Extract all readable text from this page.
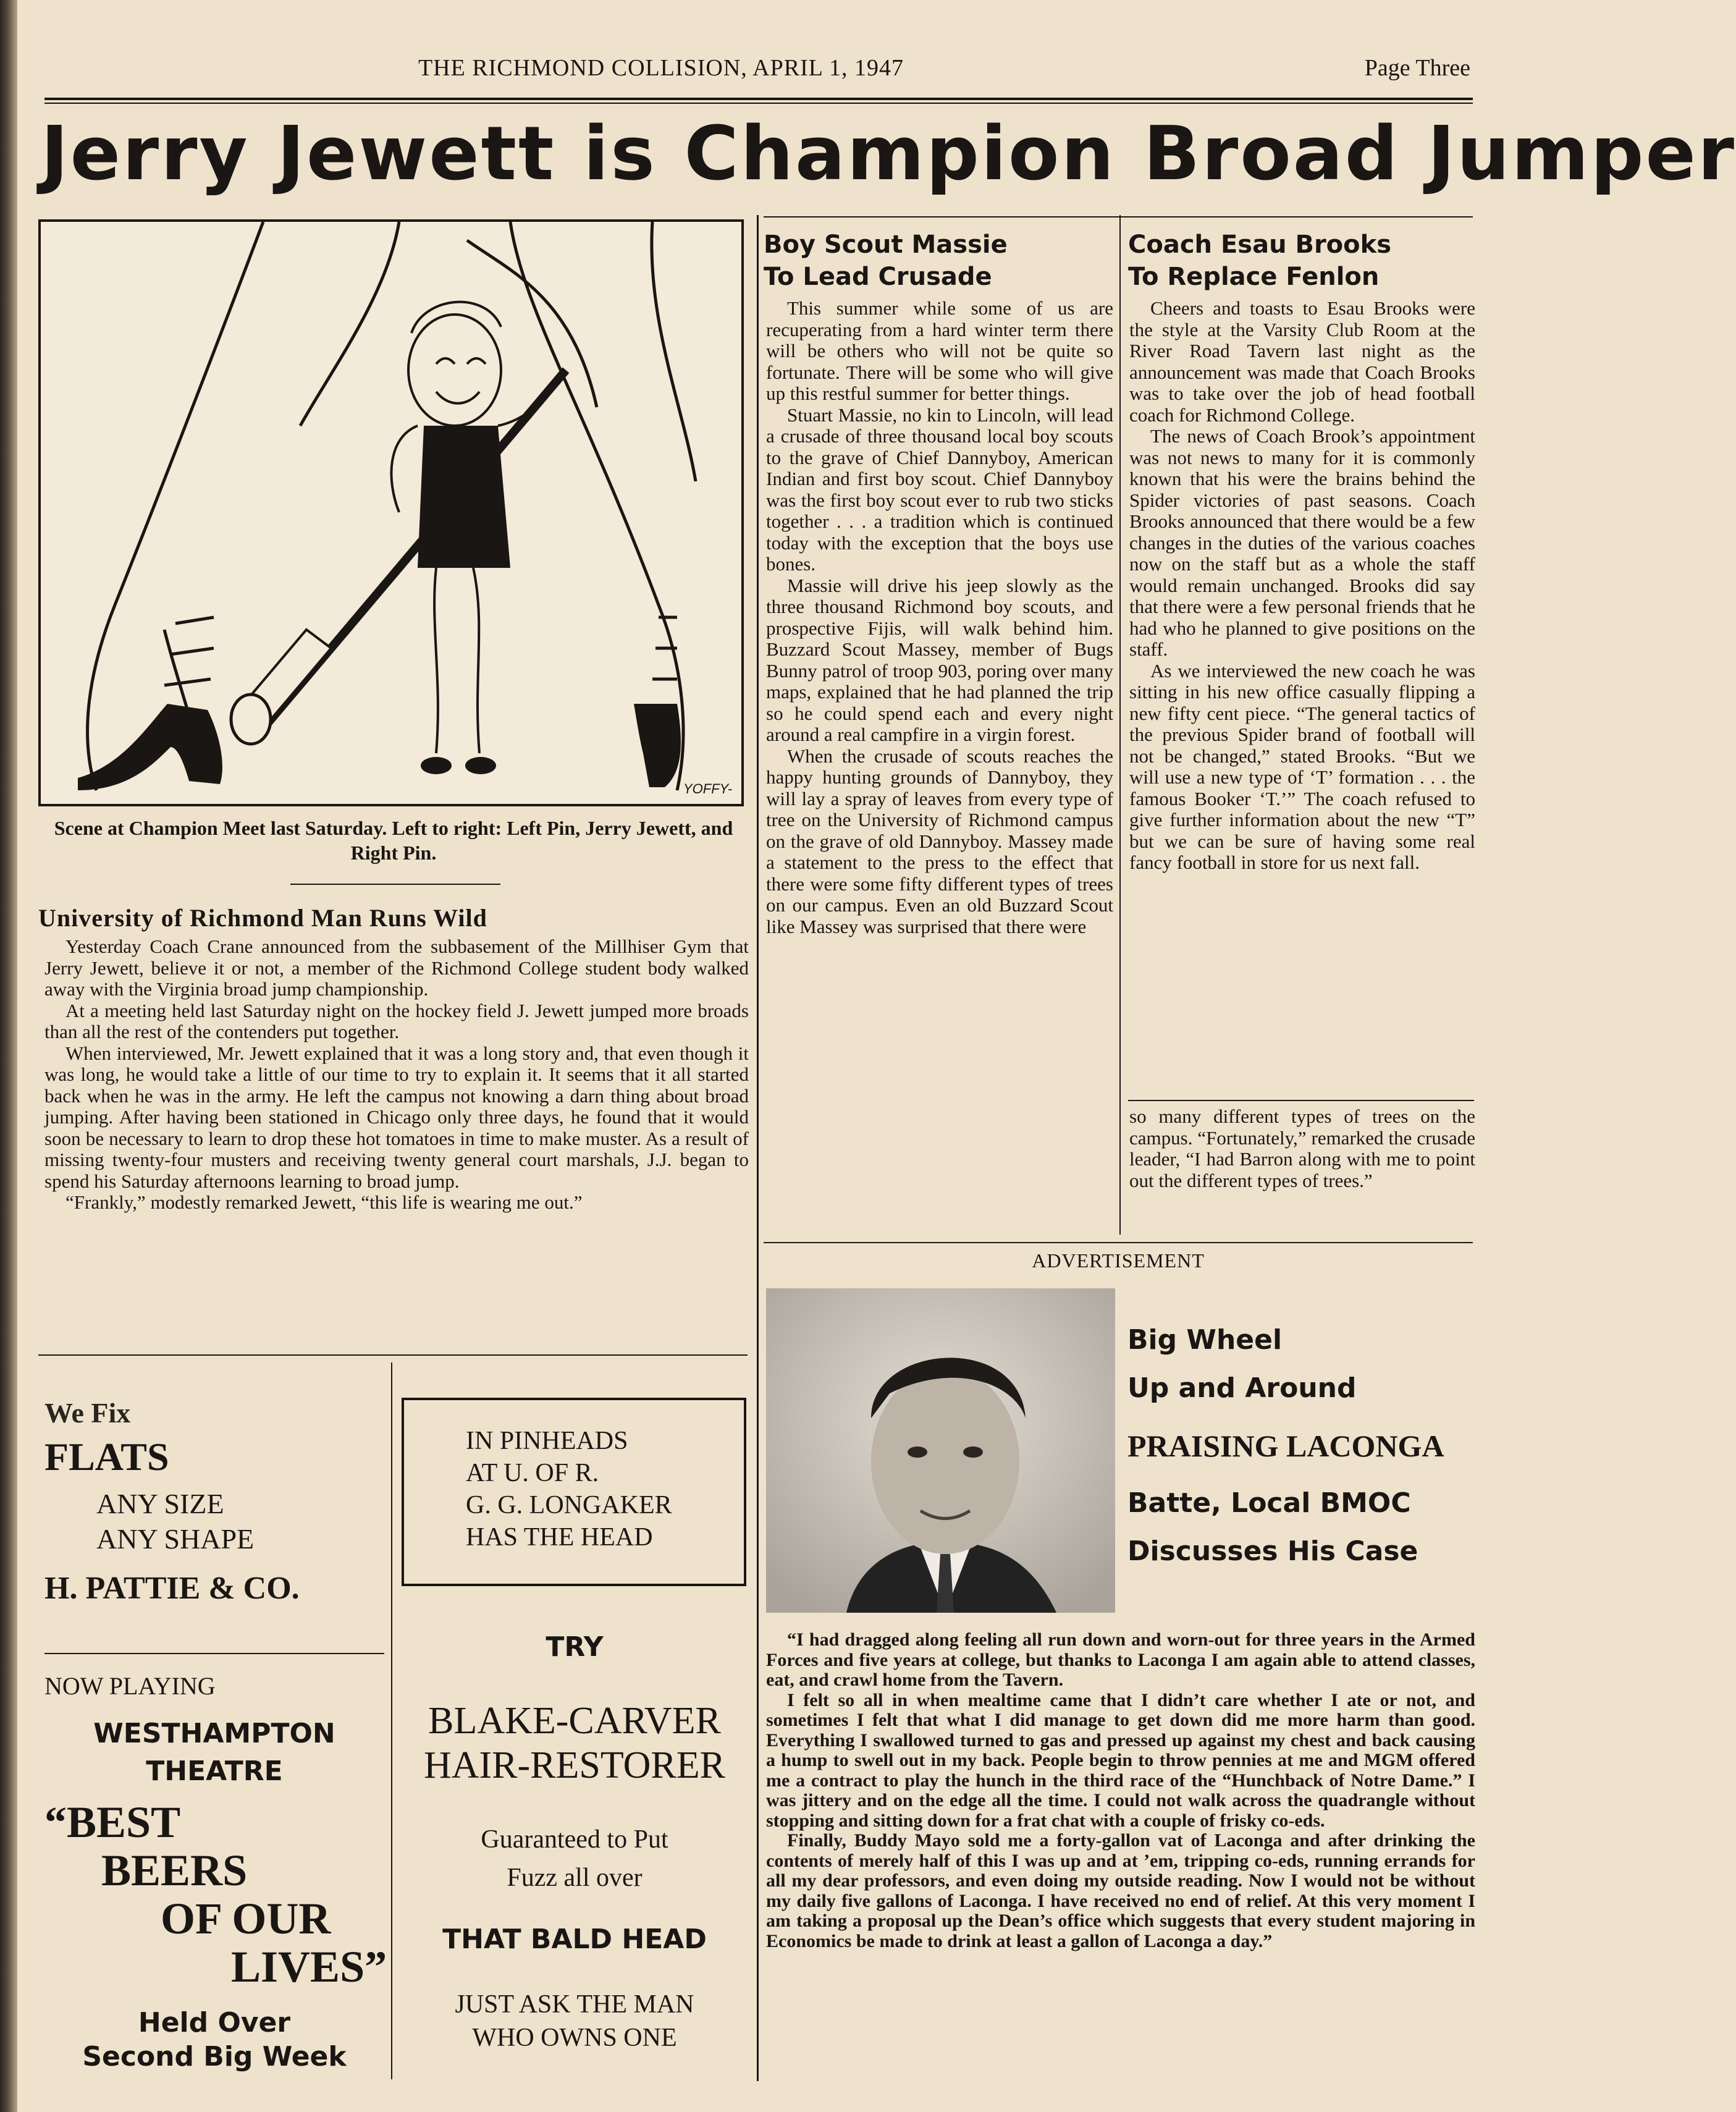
THE RICHMOND COLLISION, APRIL 1, 1947	Page Three
Jerry Jewett is Champion Broad Jumper
YOFFY-
Scene at Champion Meet last Saturday. Left to right: Left Pin, Jerry Jewett, and Right Pin.
University of Richmond Man Runs Wild

Yesterday Coach Crane announced from the subbasement of the Millhiser Gym that Jerry Jewett, believe it or not, a member of the Richmond College student body walked away with the Virginia broad jump championship.

At a meeting held last Saturday night on the hockey field J. Jewett jumped more broads than all the rest of the contenders put together.

When interviewed, Mr. Jewett explained that it was a long story and, that even though it was long, he would take a little of our time to try to explain it. It seems that it all started back when he was in the army. He left the campus not knowing a darn thing about broad jumping. After having been stationed in Chicago only three days, he found that it would soon be necessary to learn to drop these hot tomatoes in time to make muster. As a result of missing twenty-four musters and receiving twenty general court marshals, J.J. began to spend his Saturday afternoons learning to broad jump.

“Frankly,” modestly remarked Jewett, “this life is wearing me out.”

Boy Scout Massie
To Lead Crusade

This summer while some of us are recuperating from a hard winter term there will be others who will not be quite so fortunate. There will be some who will give up this restful summer for better things.

Stuart Massie, no kin to Lincoln, will lead a crusade of three thousand local boy scouts to the grave of Chief Dannyboy, American Indian and first boy scout. Chief Dannyboy was the first boy scout ever to rub two sticks together . . . a tradition which is continued today with the exception that the boys use bones.

Massie will drive his jeep slowly as the three thousand Richmond boy scouts, and prospective Fijis, will walk behind him. Buzzard Scout Massey, member of Bugs Bunny patrol of troop 903, poring over many maps, explained that he had planned the trip so he could spend each and every night around a real campfire in a virgin forest.

When the crusade of scouts reaches the happy hunting grounds of Dannyboy, they will lay a spray of leaves from every type of tree on the University of Richmond campus on the grave of old Dannyboy. Massey made a statement to the press to the effect that there were some fifty different types of trees on our campus. Even an old Buzzard Scout like Massey was surprised that there were

Coach Esau Brooks
To Replace Fenlon

Cheers and toasts to Esau Brooks were the style at the Varsity Club Room at the River Road Tavern last night as the announcement was made that Coach Brooks was to take over the job of head football coach for Richmond College.

The news of Coach Brook’s appointment was not news to many for it is commonly known that his were the brains behind the Spider victories of past seasons. Coach Brooks announced that there would be a few changes in the duties of the various coaches now on the staff but as a whole the staff would remain unchanged. Brooks did say that there were a few personal friends that he had who he planned to give positions on the staff.

As we interviewed the new coach he was sitting in his new office casually flipping a new fifty cent piece. “The general tactics of the previous Spider brand of football will not be changed,” stated Brooks. “But we will use a new type of ‘T’ formation . . . the famous Booker ‘T.’” The coach refused to give further information about the new “T” but we can be sure of having some real fancy football in store for us next fall.

so many different types of trees on the campus. “Fortunately,” remarked the crusade leader, “I had Barron along with me to point out the different types of trees.”
We Fix
FLATS
ANY SIZE
ANY SHAPE
H. PATTIE & CO.
NOW PLAYING
WESTHAMPTON
THEATRE
“BEST
BEERS
OF OUR
LIVES”
Held Over
Second Big Week
IN PINHEADS
AT U. OF R.
G. G. LONGAKER
HAS THE HEAD
TRY
BLAKE-CARVER
HAIR-RESTORER
Guaranteed to Put
Fuzz all over
THAT BALD HEAD
JUST ASK THE MAN
WHO OWNS ONE
ADVERTISEMENT
Big Wheel
Up and Around
PRAISING LACONGA
Batte, Local BMOC
Discusses His Case

“I had dragged along feeling all run down and worn-out for three years in the Armed Forces and five years at college, but thanks to Laconga I am again able to attend classes, eat, and crawl home from the Tavern.

I felt so all in when mealtime came that I didn’t care whether I ate or not, and sometimes I felt that what I did manage to get down did me more harm than good. Everything I swallowed turned to gas and pressed up against my chest and back causing a hump to swell out in my back. People begin to throw pennies at me and MGM offered me a contract to play the hunch in the third race of the “Hunchback of Notre Dame.” I was jittery and on the edge all the time. I could not walk across the quadrangle without stopping and sitting down for a frat chat with a couple of frisky co-eds.

Finally, Buddy Mayo sold me a forty-gallon vat of Laconga and after drinking the contents of merely half of this I was up and at ’em, tripping co-eds, running errands for all my dear professors, and even doing my outside reading. Now I would not be without my daily five gallons of Laconga. I have received no end of relief. At this very moment I am taking a proposal up the Dean’s office which suggests that every student majoring in Economics be made to drink at least a gallon of Laconga a day.”
